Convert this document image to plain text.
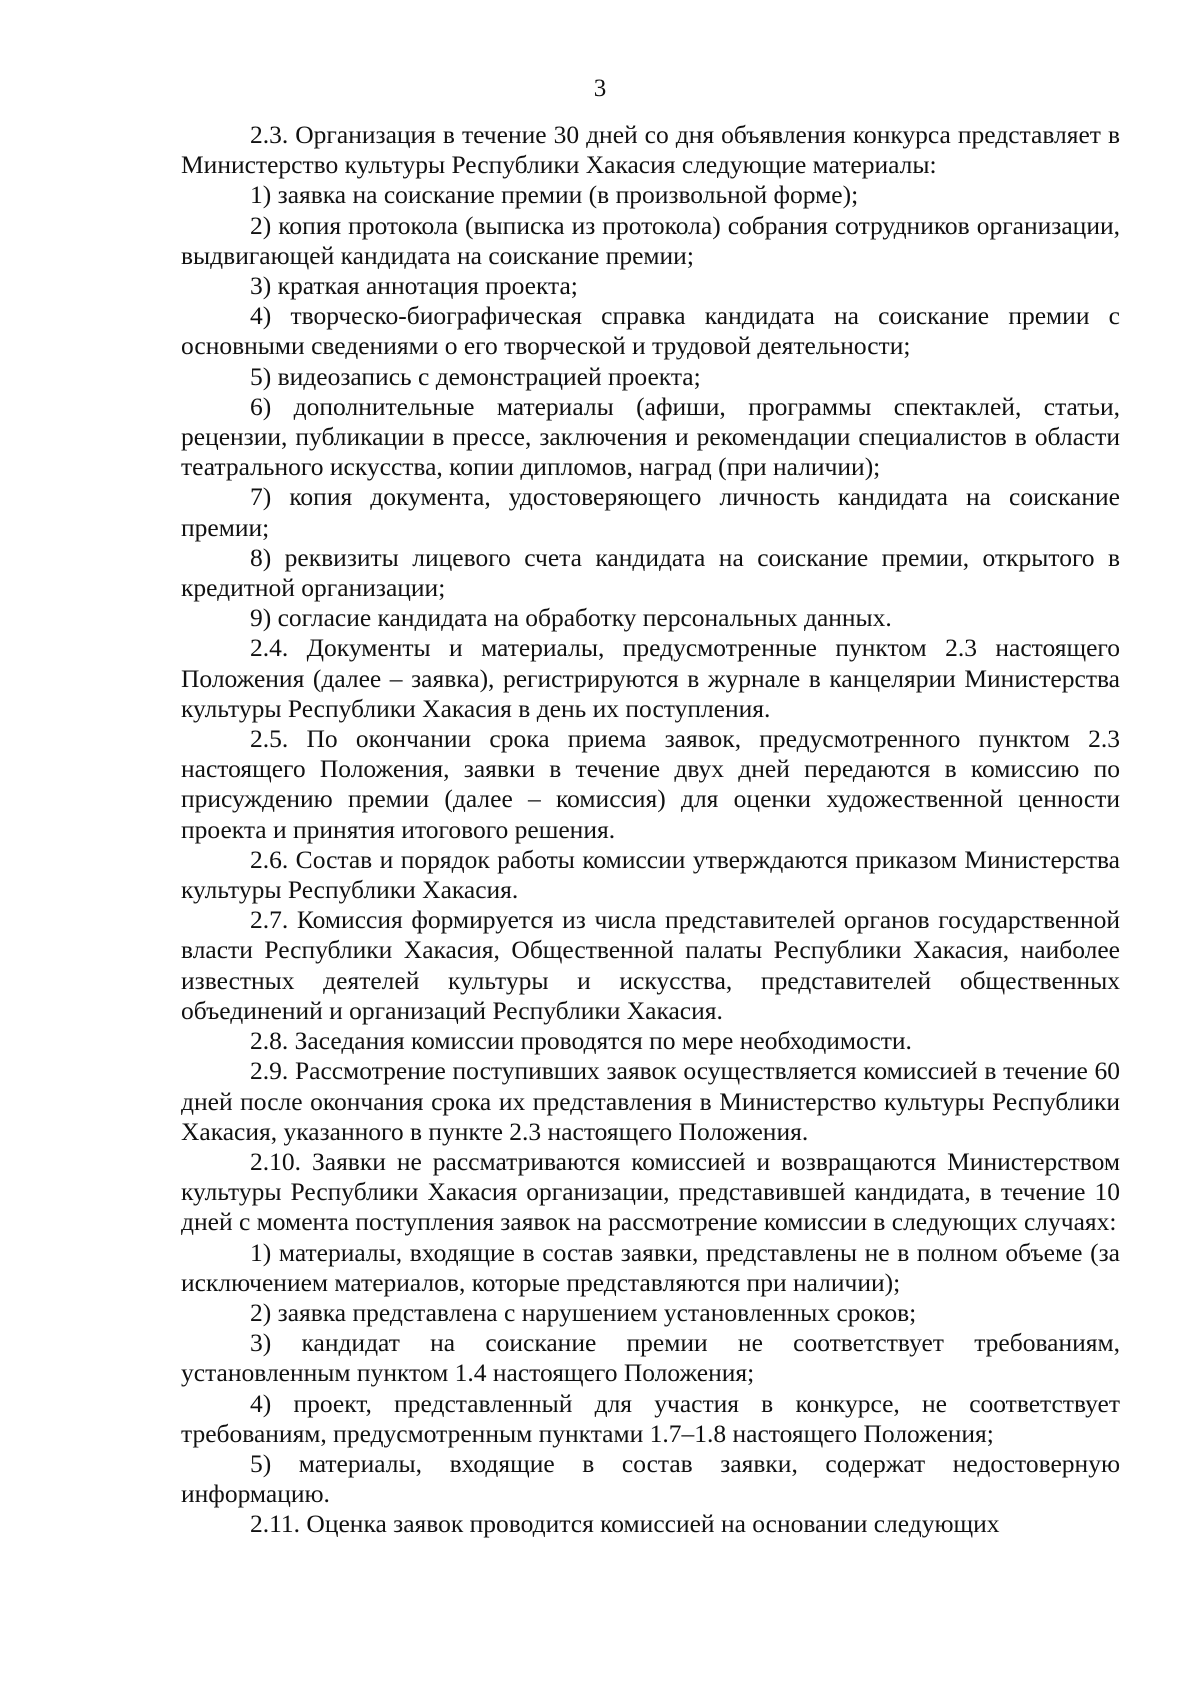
3

2.3. Организация в течение 30 дней со дня объявления конкурса представляет в Министерство культуры Республики Хакасия следующие материалы:

1) заявка на соискание премии (в произвольной форме);

2) копия протокола (выписка из протокола) собрания сотрудников организации, выдвигающей кандидата на соискание премии;

3) краткая аннотация проекта;

4) творческо-биографическая справка кандидата на соискание премии с основными сведениями о его творческой и трудовой деятельности;

5) видеозапись с демонстрацией проекта;

6) дополнительные материалы (афиши, программы спектаклей, статьи, рецензии, публикации в прессе, заключения и рекомендации специалистов в области театрального искусства, копии дипломов, наград (при наличии);

7) копия документа, удостоверяющего личность кандидата на соискание премии;

8) реквизиты лицевого счета кандидата на соискание премии, открытого в кредитной организации;

9) согласие кандидата на обработку персональных данных.

2.4. Документы и материалы, предусмотренные пунктом 2.3 настоящего Положения (далее – заявка), регистрируются в журнале в канцелярии Министерства культуры Республики Хакасия в день их поступления.

2.5. По окончании срока приема заявок, предусмотренного пунктом 2.3 настоящего Положения, заявки в течение двух дней передаются в комиссию по присуждению премии (далее – комиссия) для оценки художественной ценности проекта и принятия итогового решения.

2.6. Состав и порядок работы комиссии утверждаются приказом Министерства культуры Республики Хакасия.

2.7. Комиссия формируется из числа представителей органов государственной власти Республики Хакасия, Общественной палаты Республики Хакасия, наиболее известных деятелей культуры и искусства, представителей общественных объединений и организаций Республики Хакасия.

2.8. Заседания комиссии проводятся по мере необходимости.

2.9. Рассмотрение поступивших заявок осуществляется комиссией в течение 60 дней после окончания срока их представления в Министерство культуры Республики Хакасия, указанного в пункте 2.3 настоящего Положения.

2.10. Заявки не рассматриваются комиссией и возвращаются Министерством культуры Республики Хакасия организации, представившей кандидата, в течение 10 дней с момента поступления заявок на рассмотрение комиссии в следующих случаях:

1) материалы, входящие в состав заявки, представлены не в полном объеме (за исключением материалов, которые представляются при наличии);

2) заявка представлена с нарушением установленных сроков;

3) кандидат на соискание премии не соответствует требованиям, установленным пунктом 1.4 настоящего Положения;

4) проект, представленный для участия в конкурсе, не соответствует требованиям, предусмотренным пунктами 1.7–1.8 настоящего Положения;

5) материалы, входящие в состав заявки, содержат недостоверную информацию.

2.11. Оценка заявок проводится комиссией на основании следующих
